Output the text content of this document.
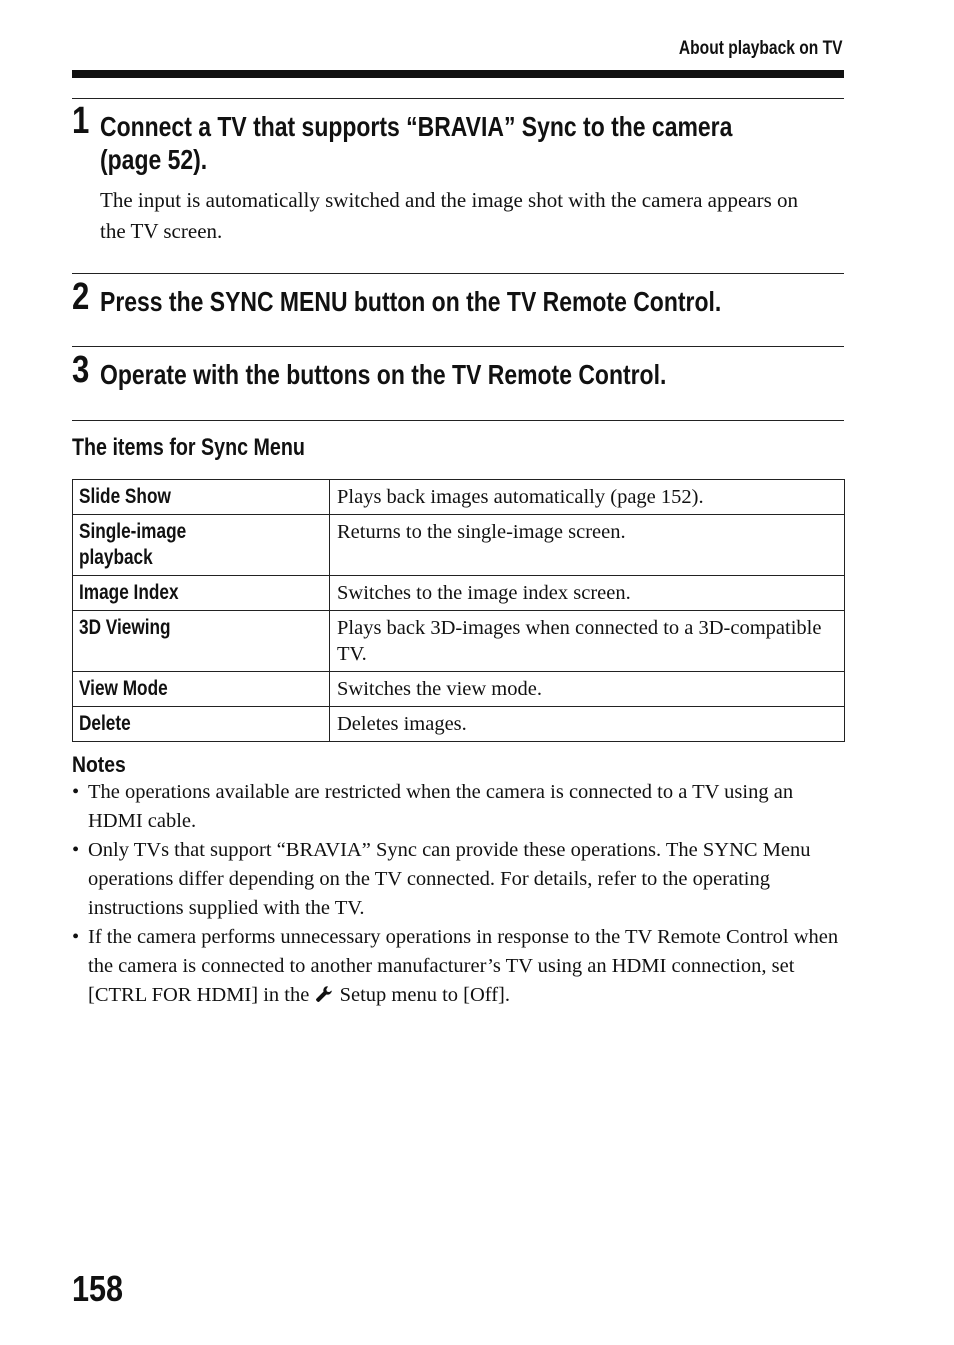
About playback on TV
1 Connect a TV that supports “BRAVIA” Sync to the camera
(page 52).
The input is automatically switched and the image shot with the camera appears on the TV screen.
2 Press the SYNC MENU button on the TV Remote Control.
3 Operate with the buttons on the TV Remote Control.
The items for Sync Menu
Slide Show	Plays back images automatically (page 152).
Single-image playback	Returns to the single-image screen.
Image Index	Switches to the image index screen.
3D Viewing	Plays back 3D-images when connected to a 3D-compatible TV.
View Mode	Switches the view mode.
Delete	Deletes images.
Notes
• The operations available are restricted when the camera is connected to a TV using an HDMI cable.
• Only TVs that support “BRAVIA” Sync can provide these operations. The SYNC Menu operations differ depending on the TV connected. For details, refer to the operating instructions supplied with the TV.
• If the camera performs unnecessary operations in response to the TV Remote Control when the camera is connected to another manufacturer’s TV using an HDMI connection, set [CTRL FOR HDMI] in the  Setup menu to [Off].
158
